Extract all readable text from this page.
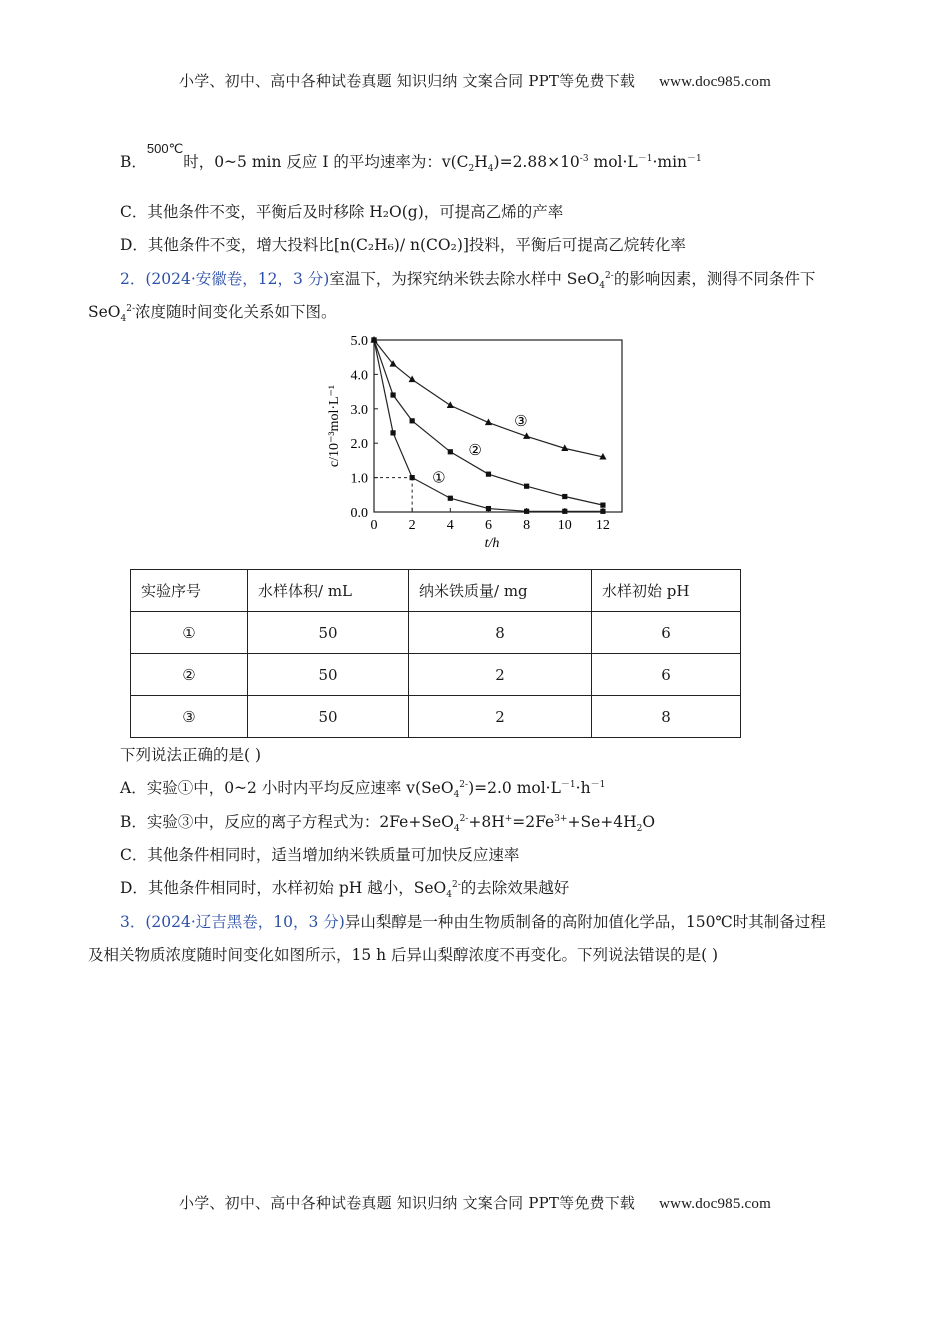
小学、初中、高中各种试卷真题 知识归纳 文案合同 PPT等免费下载 www.doc985.com
B．$^{500℃}$时，0~5 min 反应 I 的平均速率为：$v(C_2H_4)=2.88\times 10^{-3}$ $mol\cdot L^{-1}\cdot\min^{-1}$
C．其他条件不变，平衡后及时移除 H₂O(g)，可提高乙烯的产率
D．其他条件不变，增大投料比[n(C₂H₆)/ n(CO₂)]投料，平衡后可提高乙烷转化率
2．(2024·安徽卷，12，3 分)室温下，为探究纳米铁去除水样中 SeO$_4^{2-}$的影响因素，测得不同条件下
SeO$_4^{2-}$浓度随时间变化关系如下图。
0 2 4 6 8 10 12
0.0
1.0
2.0
3.0
4.0
5.0
t/h
c/10⁻³mol·L⁻¹
①
②
③
实验序号	水样体积/ mL	纳米铁质量/ mg	水样初始 pH
①	50	8	6
②	50	2	6
③	50	2	8
下列说法正确的是( )
A．实验①中，0~2 小时内平均反应速率 v(SeO$_4^{2-}$)=2.0 $mol\cdot L^{-1}\cdot h^{-1}$
B．实验③中，反应的离子方程式为：$2Fe+SeO_4^{2-}+8H^+=2Fe^{3+}+Se+4H_2O$
C．其他条件相同时，适当增加纳米铁质量可加快反应速率
D．其他条件相同时，水样初始 pH 越小，SeO$_4^{2-}$的去除效果越好
3．(2024·辽吉黑卷，10，3 分)异山梨醇是一种由生物质制备的高附加值化学品，150℃时其制备过程
及相关物质浓度随时间变化如图所示，15 h 后异山梨醇浓度不再变化。下列说法错误的是( )
小学、初中、高中各种试卷真题 知识归纳 文案合同 PPT等免费下载 www.doc985.com
